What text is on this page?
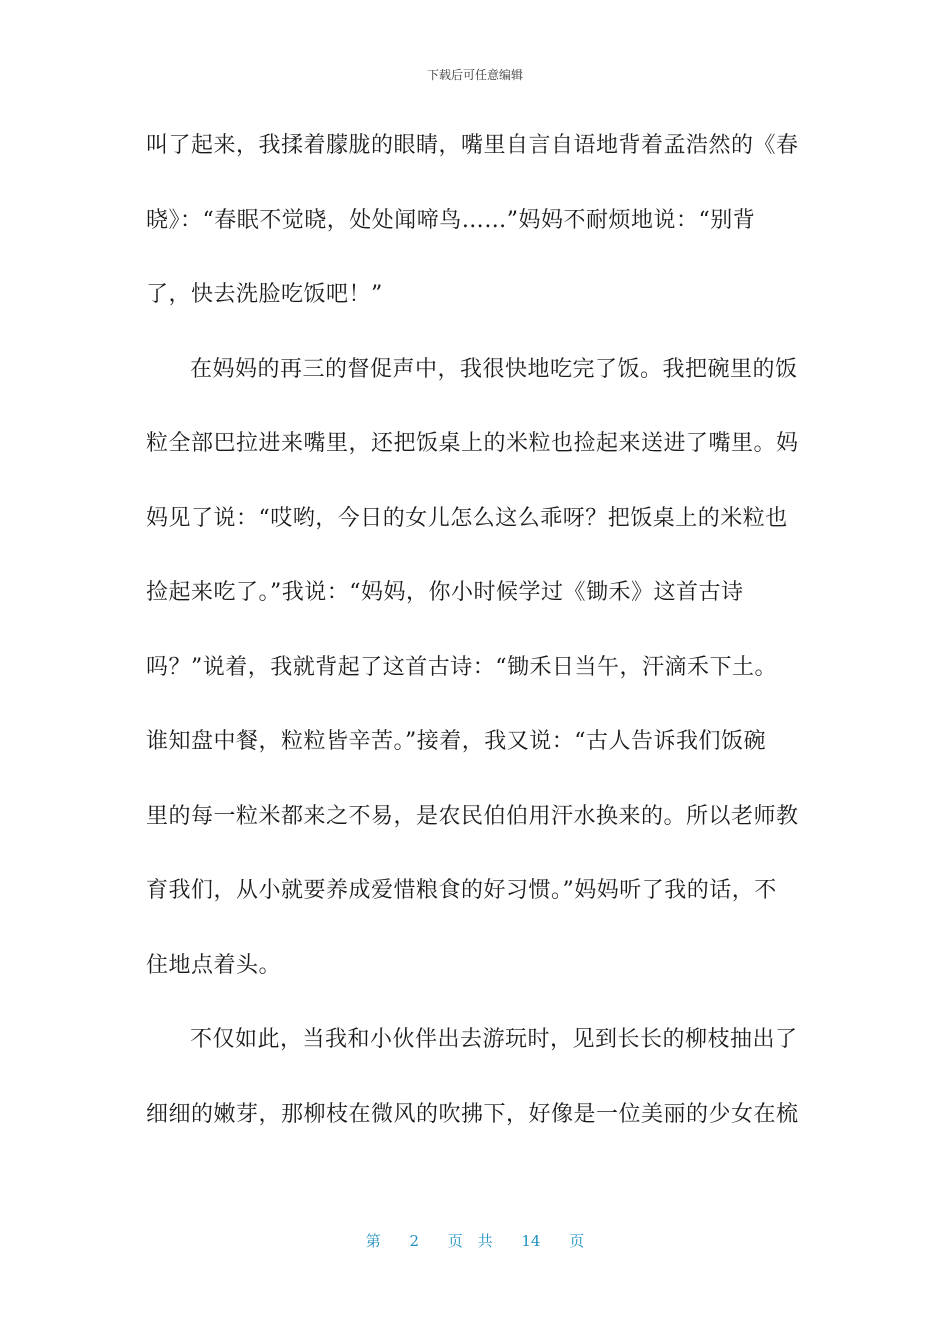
下载后可任意编辑
叫了起来，我揉着朦胧的眼睛，嘴里自言自语地背着孟浩然的《春
晓》：“春眠不觉晓，处处闻啼鸟……”妈妈不耐烦地说：“别背
了，快去洗脸吃饭吧！”
在妈妈的再三的督促声中，我很快地吃完了饭。我把碗里的饭
粒全部巴拉进来嘴里，还把饭桌上的米粒也捡起来送进了嘴里。妈
妈见了说：“哎哟，今日的女儿怎么这么乖呀？把饭桌上的米粒也
捡起来吃了。”我说：“妈妈，你小时候学过《锄禾》这首古诗
吗？”说着，我就背起了这首古诗：“锄禾日当午，汗滴禾下土。
谁知盘中餐，粒粒皆辛苦。”接着，我又说：“古人告诉我们饭碗
里的每一粒米都来之不易，是农民伯伯用汗水换来的。所以老师教
育我们，从小就要养成爱惜粮食的好习惯。”妈妈听了我的话，不
住地点着头。
不仅如此，当我和小伙伴出去游玩时，见到长长的柳枝抽出了
细细的嫩芽，那柳枝在微风的吹拂下，好像是一位美丽的少女在梳
第 2 页 共 14 页
